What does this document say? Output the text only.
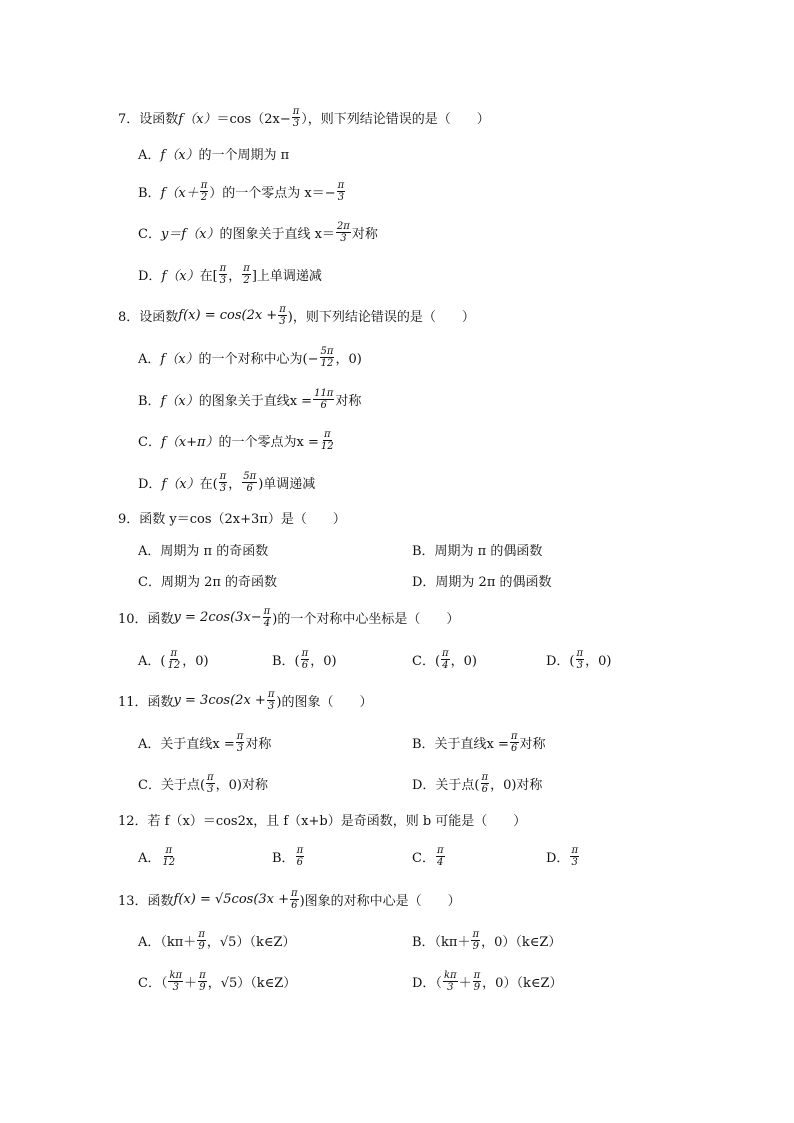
7．设函数 $f(x) =\cos(2x- \frac{\pi}{3}$ ），则下列结论错误的是（　　）
A． f（x） 的一个周期为 π
B． $f(x+ \frac{\pi}{2}$ ）的一个零点为 $x=- \frac{\pi}{3}$
C． y＝f（x） 的图象关于直线 $x= \frac{2\pi}{3}$ 对称
D． f（x） 在[ $\frac{\pi}{3}$ ， $\frac{\pi}{2}$ ]上单调递减
8．设函数 $f(x) = \cos(2x + \frac{\pi}{3}$ )，则下列结论错误的是（　　）
A． f（x） 的一个对称中心为(− $\frac{5\pi}{12}$ ，0)
B． f（x） 的图象关于直线$x = \frac{11\pi}{6}$ 对称
C． f（x+π） 的一个零点为$x = \frac{\pi}{12}$
D． f（x） 在( $\frac{\pi}{3}$ ， $\frac{5\pi}{6}$ )单调递减
9．函数 y＝cos（2x+3π）是（　　）
A．周期为 π 的奇函数	B．周期为 π 的偶函数
C．周期为 2π 的奇函数	D．周期为 2π 的偶函数
10．函数 $y = 2\cos(3x- \frac{\pi}{4}$ )的一个对称中心坐标是（　　）
A．( $\frac{\pi}{12}$ ，0)	B．( $\frac{\pi}{6}$ ，0)	C．( $\frac{\pi}{4}$ ，0)	D．( $\frac{\pi}{3}$ ，0)
11．函数 $y = 3\cos(2x + \frac{\pi}{3}$ )的图象（　　）
A．关于直线$x = \frac{\pi}{3}$ 对称	B．关于直线$x = \frac{\pi}{6}$ 对称
C．关于点( $\frac{\pi}{3}$ ，0)对称	D．关于点( $\frac{\pi}{6}$ ，0)对称
12．若 f（x）＝cos2x，且 f（x+b）是奇函数，则 b 可能是（　　）
A． $\frac{\pi}{12}$	B． $\frac{\pi}{6}$	C． $\frac{\pi}{4}$	D． $\frac{\pi}{3}$
13．函数 $f(x) = √5\cos(3x + \frac{\pi}{6}$ )图象的对称中心是（　　）
A．（$k\pi+ \frac{\pi}{9}$ ，√5）（k∈Z）	B．（$k\pi+ \frac{\pi}{9}$ ，0）（k∈Z）
C．（ $\frac{k\pi}{3} + \frac{\pi}{9}$ ，√5）（k∈Z）	D．（ $\frac{k\pi}{3} + \frac{\pi}{9}$ ，0）（k∈Z）
